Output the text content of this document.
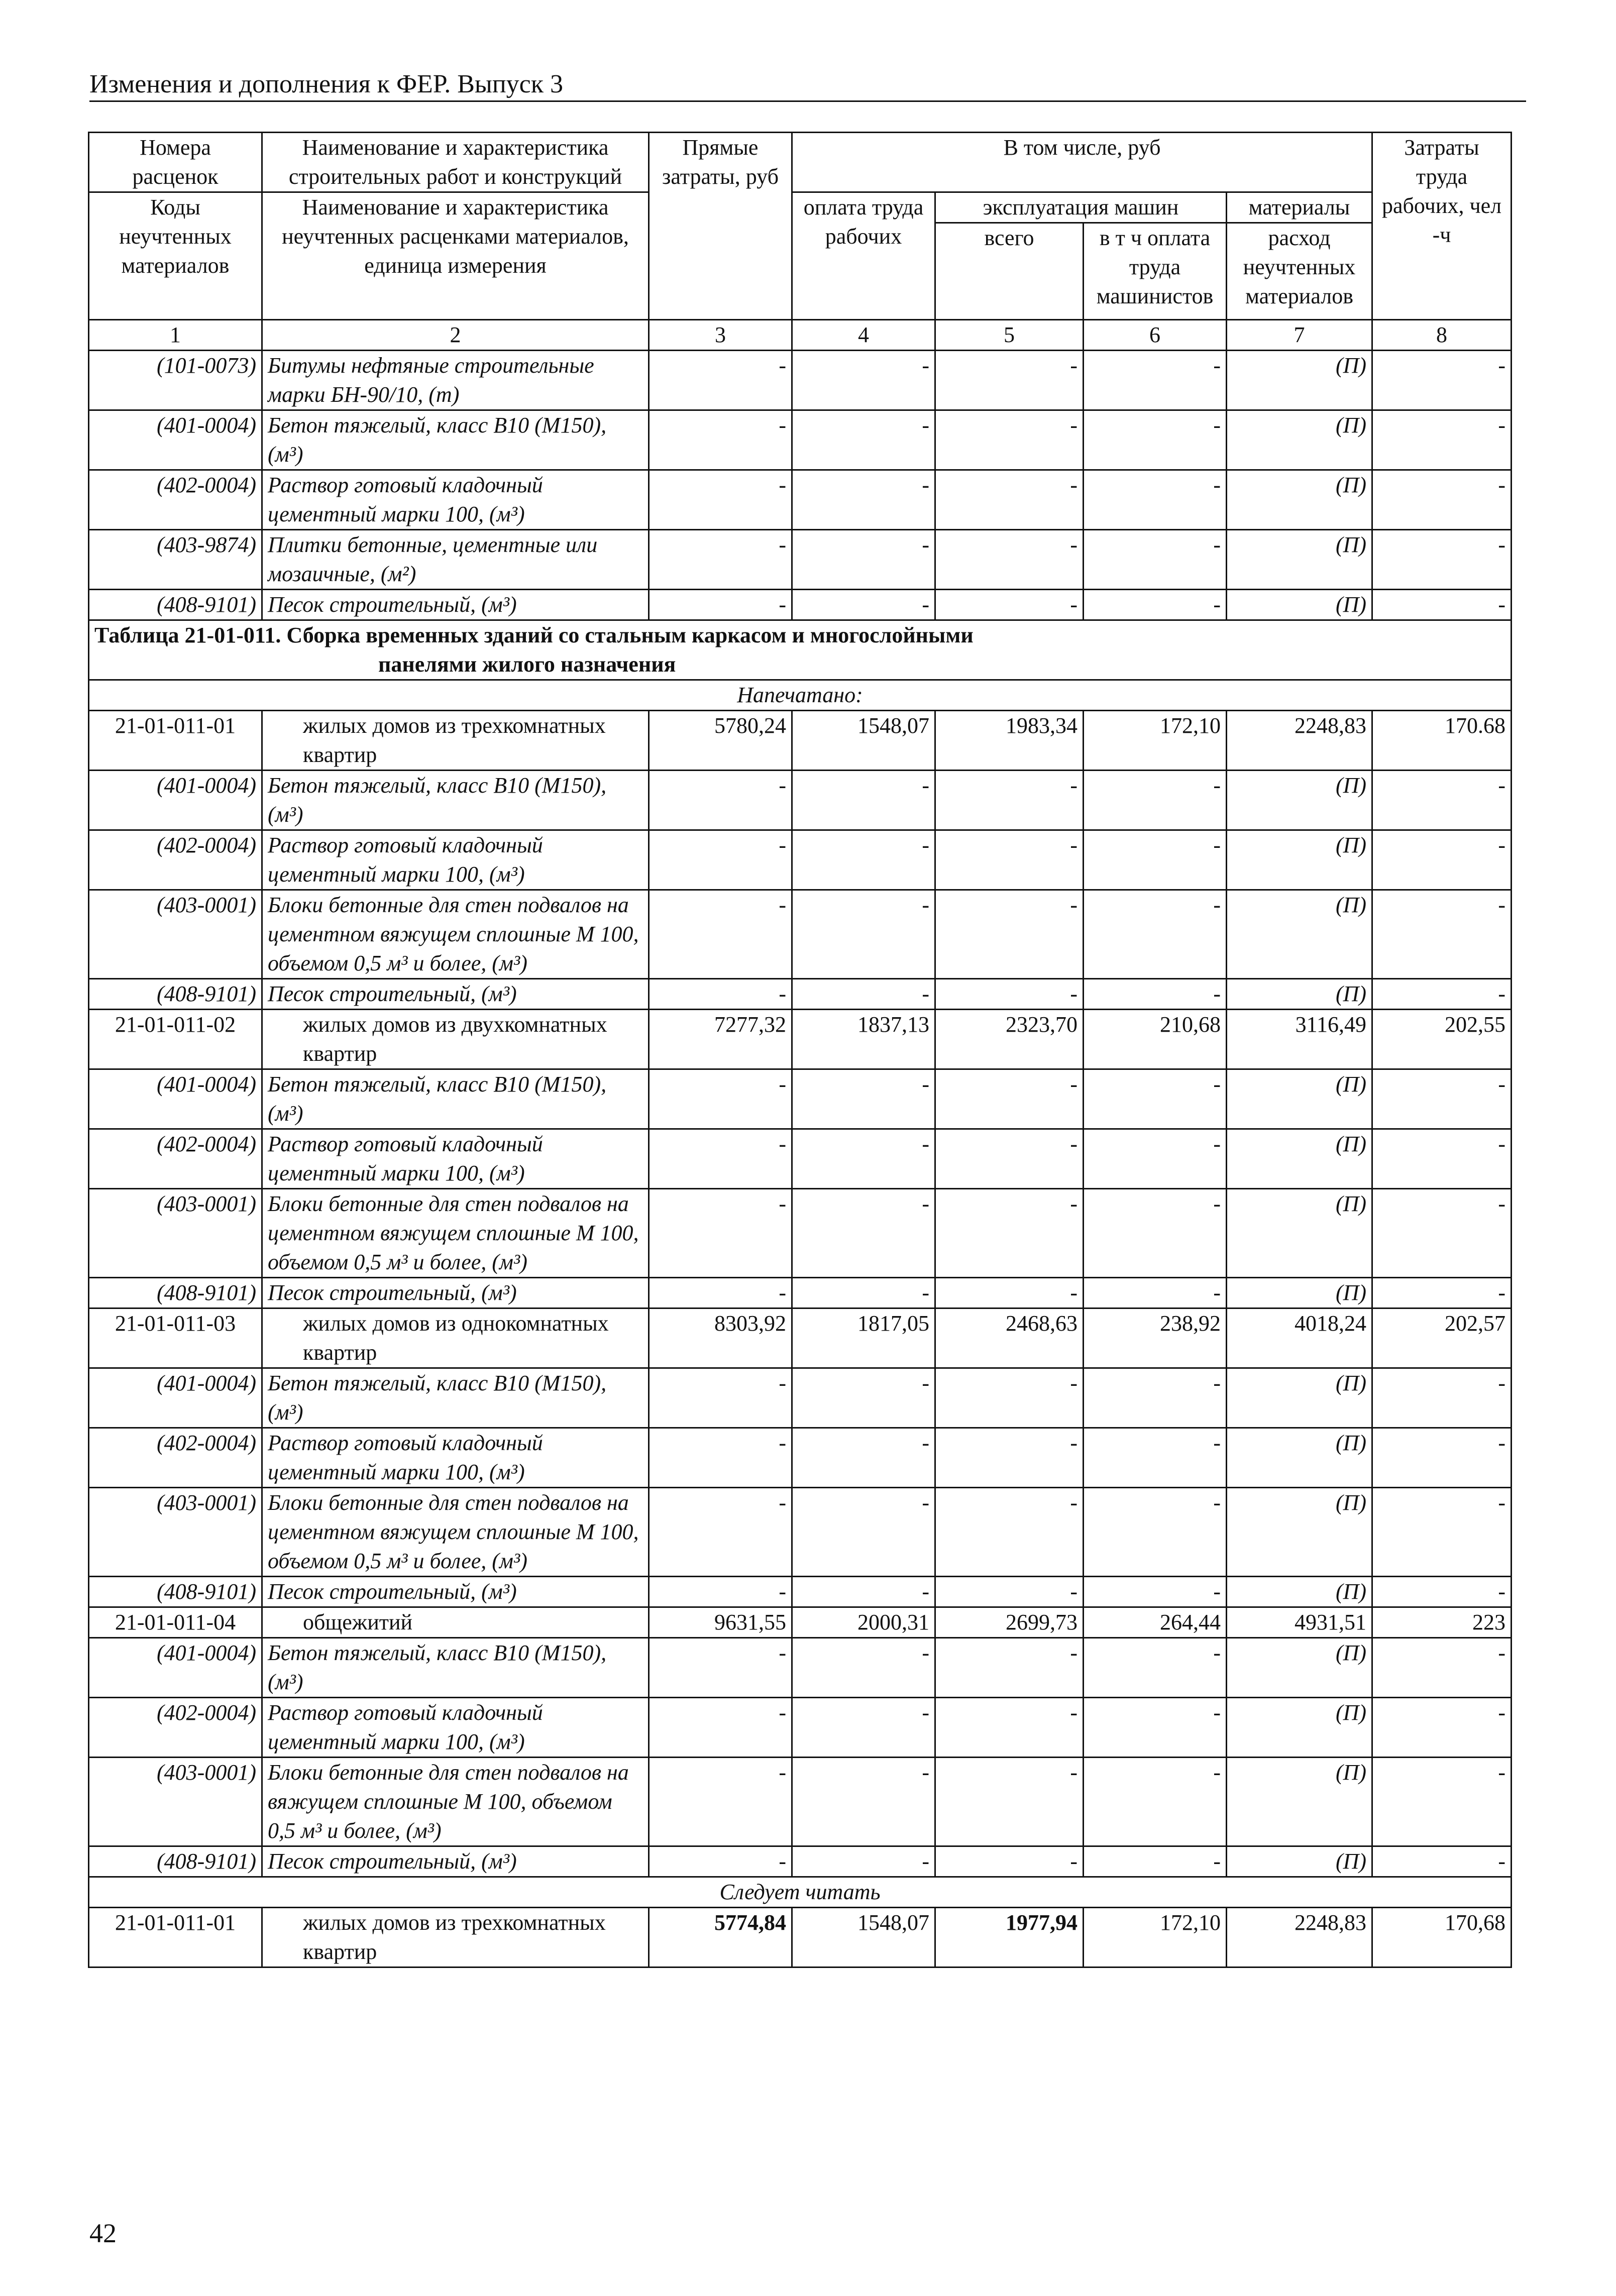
Изменения и дополнения к ФЕР. Выпуск 3
Номера расценок	Наименование и характеристика строительных работ и конструкций	Прямые затраты, руб	В том числе, руб				Затраты труда рабочих, чел -ч
Коды неучтенных материалов	Наименование и характеристика неучтенных расценками материалов, единица измерения		оплата труда рабочих	эксплуатация машин		материалы	
				всего	в т ч оплата труда машинистов	расход неучтенных материалов	
1	2	3	4	5	6	7	8
(101-0073)	Битумы нефтяные строительные марки БН-90/10, (т)	-	-	-	-	(П)	-
(401-0004)	Бетон тяжелый, класс В10 (М150), (м³)	-	-	-	-	(П)	-
(402-0004)	Раствор готовый кладочный цементный марки 100, (м³)	-	-	-	-	(П)	-
(403-9874)	Плитки бетонные, цементные или мозаичные, (м²)	-	-	-	-	(П)	-
(408-9101)	Песок строительный, (м³)	-	-	-	-	(П)	-
Таблица 21-01-011. Сборка временных зданий со стальным каркасом и многослойными
панелями жилого назначения							

Напечатано:							
21-01-011-01	жилых домов из трехкомнатных квартир	5780,24	1548,07	1983,34	172,10	2248,83	170.68
(401-0004)	Бетон тяжелый, класс В10 (М150), (м³)	-	-	-	-	(П)	-
(402-0004)	Раствор готовый кладочный цементный марки 100, (м³)	-	-	-	-	(П)	-
(403-0001)	Блоки бетонные для стен подвалов на цементном вяжущем сплошные М 100, объемом 0,5 м³ и более, (м³)	-	-	-	-	(П)	-
(408-9101)	Песок строительный, (м³)	-	-	-	-	(П)	-
21-01-011-02	жилых домов из двухкомнатных квартир	7277,32	1837,13	2323,70	210,68	3116,49	202,55
(401-0004)	Бетон тяжелый, класс В10 (М150), (м³)	-	-	-	-	(П)	-
(402-0004)	Раствор готовый кладочный цементный марки 100, (м³)	-	-	-	-	(П)	-
(403-0001)	Блоки бетонные для стен подвалов на цементном вяжущем сплошные М 100, объемом 0,5 м³ и более, (м³)	-	-	-	-	(П)	-
(408-9101)	Песок строительный, (м³)	-	-	-	-	(П)	-
21-01-011-03	жилых домов из однокомнатных квартир	8303,92	1817,05	2468,63	238,92	4018,24	202,57
(401-0004)	Бетон тяжелый, класс В10 (М150), (м³)	-	-	-	-	(П)	-
(402-0004)	Раствор готовый кладочный цементный марки 100, (м³)	-	-	-	-	(П)	-
(403-0001)	Блоки бетонные для стен подвалов на цементном вяжущем сплошные М 100, объемом 0,5 м³ и более, (м³)	-	-	-	-	(П)	-
(408-9101)	Песок строительный, (м³)	-	-	-	-	(П)	-
21-01-011-04	общежитий	9631,55	2000,31	2699,73	264,44	4931,51	223
(401-0004)	Бетон тяжелый, класс В10 (М150), (м³)	-	-	-	-	(П)	-
(402-0004)	Раствор готовый кладочный цементный марки 100, (м³)	-	-	-	-	(П)	-
(403-0001)	Блоки бетонные для стен подвалов на вяжущем сплошные М 100, объемом 0,5 м³ и более, (м³)	-	-	-	-	(П)	-
(408-9101)	Песок строительный, (м³)	-	-	-	-	(П)	-
Следует читать							
21-01-011-01	жилых домов из трехкомнатных квартир	5774,84	1548,07	1977,94	172,10	2248,83	170,68
42
